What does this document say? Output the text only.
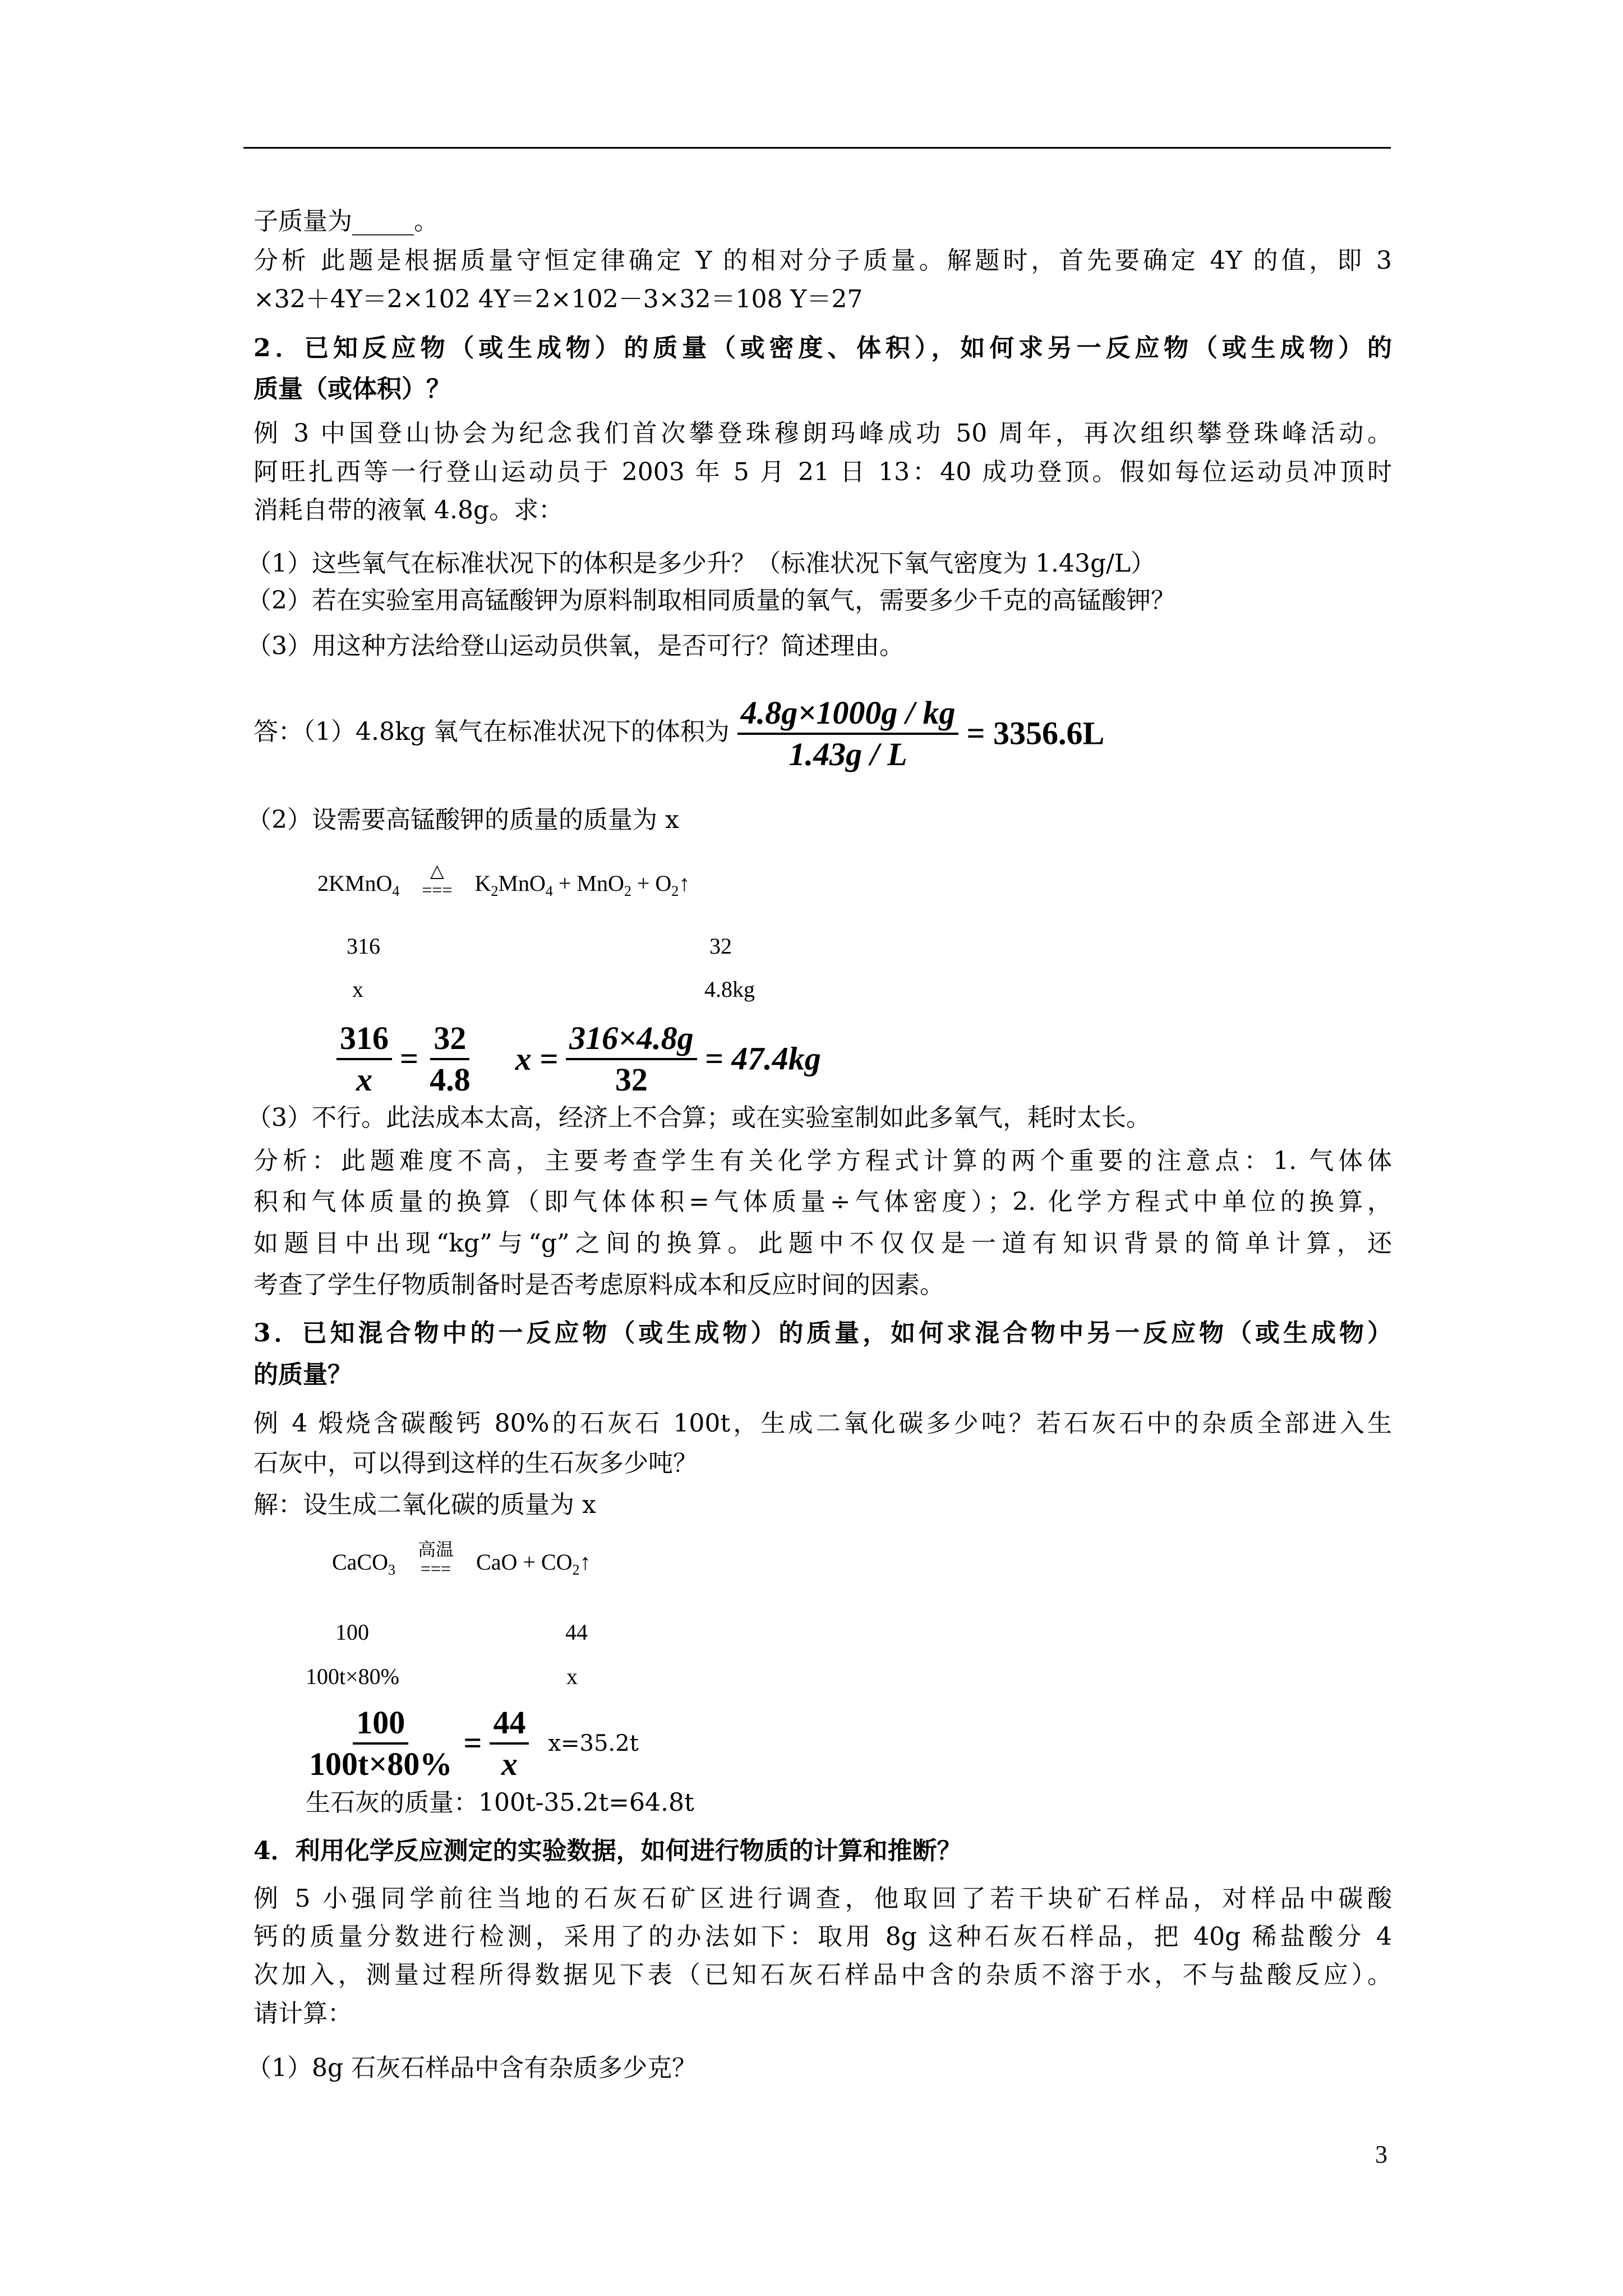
子质量为_____。
分析 此题是根据质量守恒定律确定 Y 的相对分子质量。解题时，首先要确定 4Y 的值，即 3
×32＋4Y＝2×102 4Y＝2×102－3×32＝108 Y＝27
2．已知反应物（或生成物）的质量（或密度、体积），如何求另一反应物（或生成物）的
质量（或体积）？
例 3 中国登山协会为纪念我们首次攀登珠穆朗玛峰成功 50 周年，再次组织攀登珠峰活动。
阿旺扎西等一行登山运动员于 2003 年 5 月 21 日 13：40 成功登顶。假如每位运动员冲顶时
消耗自带的液氧 4.8g。求：
（1）这些氧气在标准状况下的体积是多少升？（标准状况下氧气密度为 1.43g/L）
（2）若在实验室用高锰酸钾为原料制取相同质量的氧气，需要多少千克的高锰酸钾？
（3）用这种方法给登山运动员供氧，是否可行？简述理由。
答：（1）4.8kg 氧气在标准状况下的体积为 $\frac{4.8g\times 1000g / kg}{1.43g / L} = 3356.6L$
（2）设需要高锰酸钾的质量的质量为 x
2KMnO$_4$
△
=== $K_2MnO_4 + MnO_2$ + $O_2↑$
316	32
x	4.8kg
$\frac{316}{x} = \frac{32}{4.8}$ $x = \frac{316\times 4.8g}{32} = 47.4kg$
（3）不行。此法成本太高，经济上不合算；或在实验室制如此多氧气，耗时太长。
分析：此题难度不高，主要考查学生有关化学方程式计算的两个重要的注意点：1. 气体体
积和气体质量的换算（即气体体积=气体质量÷气体密度）；2. 化学方程式中单位的换算，
如题目中出现“kg”与“g”之间的换算。此题中不仅仅是一道有知识背景的简单计算，还
考查了学生仔物质制备时是否考虑原料成本和反应时间的因素。
3．已知混合物中的一反应物（或生成物）的质量，如何求混合物中另一反应物（或生成物）
的质量？
例 4 煅烧含碳酸钙 80%的石灰石 100t，生成二氧化碳多少吨？若石灰石中的杂质全部进入生
石灰中，可以得到这样的生石灰多少吨？
解：设生成二氧化碳的质量为 x
CaCO$_3$
高温
=== CaO + $CO_2↑$
100	44
100t×80%	x
$\frac{100}{100t\times 80\%} = \frac{44}{x} x=35.2t$
生石灰的质量：100t-35.2t=64.8t
4．利用化学反应测定的实验数据，如何进行物质的计算和推断？
例 5 小强同学前往当地的石灰石矿区进行调查，他取回了若干块矿石样品，对样品中碳酸
钙的质量分数进行检测，采用了的办法如下：取用 8g 这种石灰石样品，把 40g 稀盐酸分 4
次加入，测量过程所得数据见下表（已知石灰石样品中含的杂质不溶于水，不与盐酸反应）。
请计算：
（1）8g 石灰石样品中含有杂质多少克？
3
